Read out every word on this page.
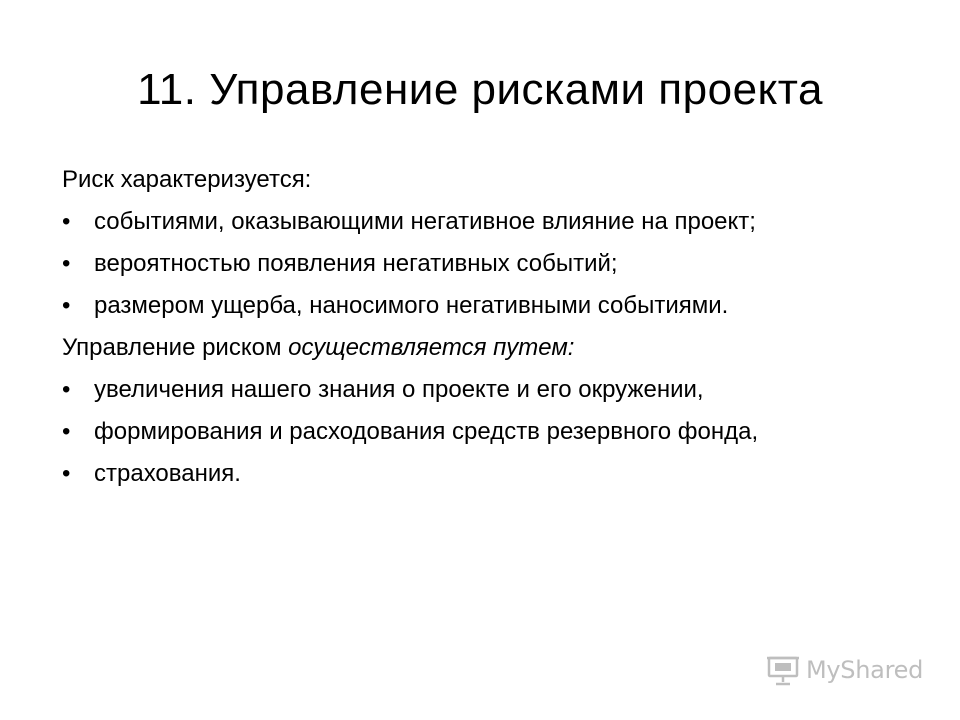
11. Управление рисками проекта

Риск характеризуется:

• событиями, оказывающими негативное влияние на проект;
• вероятностью появления негативных событий;
• размером ущерба, наносимого негативными событиями.

Управление риском осуществляется путем:

• увеличения нашего знания о проекте и его окружении,
• формирования и расходования средств резервного фонда,
• страхования.
MyShared
